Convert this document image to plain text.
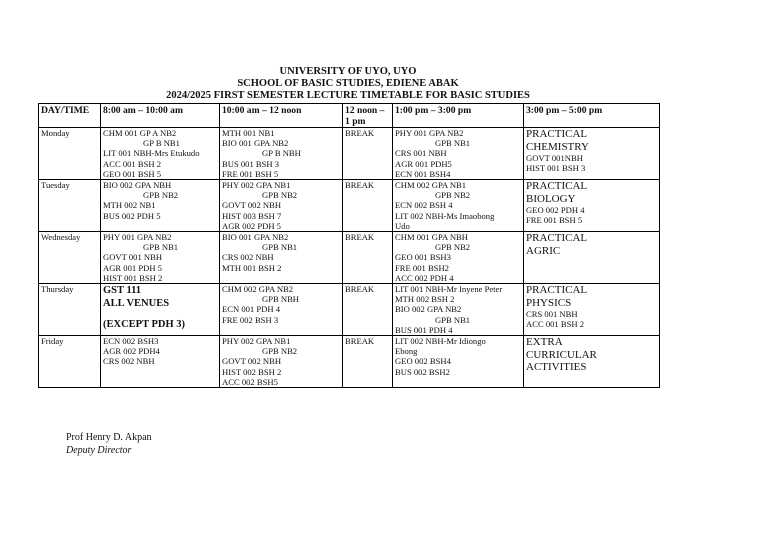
UNIVERSITY OF UYO, UYO
SCHOOL OF BASIC STUDIES, EDIENE ABAK
2024/2025 FIRST SEMESTER LECTURE TIMETABLE FOR BASIC STUDIES
DAY/TIME	8:00 am – 10:00 am	10:00 am – 12 noon	12 noon – 1 pm	1:00 pm – 3:00 pm	3:00 pm – 5:00 pm
Monday	CHM 001 GP A NB2
GP B NB1
LIT 001 NBH-Mrs Etukudo
ACC 001 BSH 2
GEO 001 BSH 5	MTH 001 NB1
BIO 001 GPA NB2
GP B NBH
BUS 001 BSH 3
FRE 001 BSH 5	BREAK	PHY 001 GPA NB2
GPB NB1
CRS 001 NBH
AGR 001 PDH5
ECN 001 BSH4	PRACTICAL
CHEMISTRY
GOVT 001NBH
HIST 001 BSH 3

Tuesday	BIO 002 GPA NBH
GPB NB2
MTH 002 NB1
BUS 002 PDH 5	PHY 002 GPA NB1
GPB NB2
GOVT 002 NBH
HIST 003 BSH 7
AGR 002 PDH 5	BREAK	CHM 002 GPA NB1
GPB NB2
ECN 002 BSH 4
LIT 002 NBH-Ms Imaobong
Udo	PRACTICAL
BIOLOGY
GEO 002 PDH 4
FRE 001 BSH 5

Wednesday	PHY 001 GPA NB2
GPB NB1
GOVT 001 NBH
AGR 001 PDH 5
HIST 001 BSH 2	BIO 001 GPA NB2
GPB NB1
CRS 002 NBH
MTH 001 BSH 2	BREAK	CHM 001 GPA NBH
GPB NB2
GEO 001 BSH3
FRE 001 BSH2
ACC 002 PDH 4	PRACTICAL
AGRIC

Thursday	GST 111
ALL VENUES
(EXCEPT PDH 3)	CHM 002 GPA NB2
GPB NBH
ECN 001 PDH 4
FRE 002 BSH 3	BREAK	LIT 001 NBH-Mr Inyene Peter
MTH 002 BSH 2
BIO 002 GPA NB2
GPB NB1
BUS 001 PDH 4	PRACTICAL
PHYSICS
CRS 001 NBH
ACC 001 BSH 2

Friday	ECN 002 BSH3
AGR 002 PDH4
CRS 002 NBH	PHY 002 GPA NB1
GPB NB2
GOVT 002 NBH
HIST 002 BSH 2
ACC 002 BSH5	BREAK	LIT 002 NBH-Mr Idiongo
Ebong
GEO 002 BSH4
BUS 002 BSH2	EXTRA
CURRICULAR
ACTIVITIES
Prof Henry D. Akpan
Deputy Director
